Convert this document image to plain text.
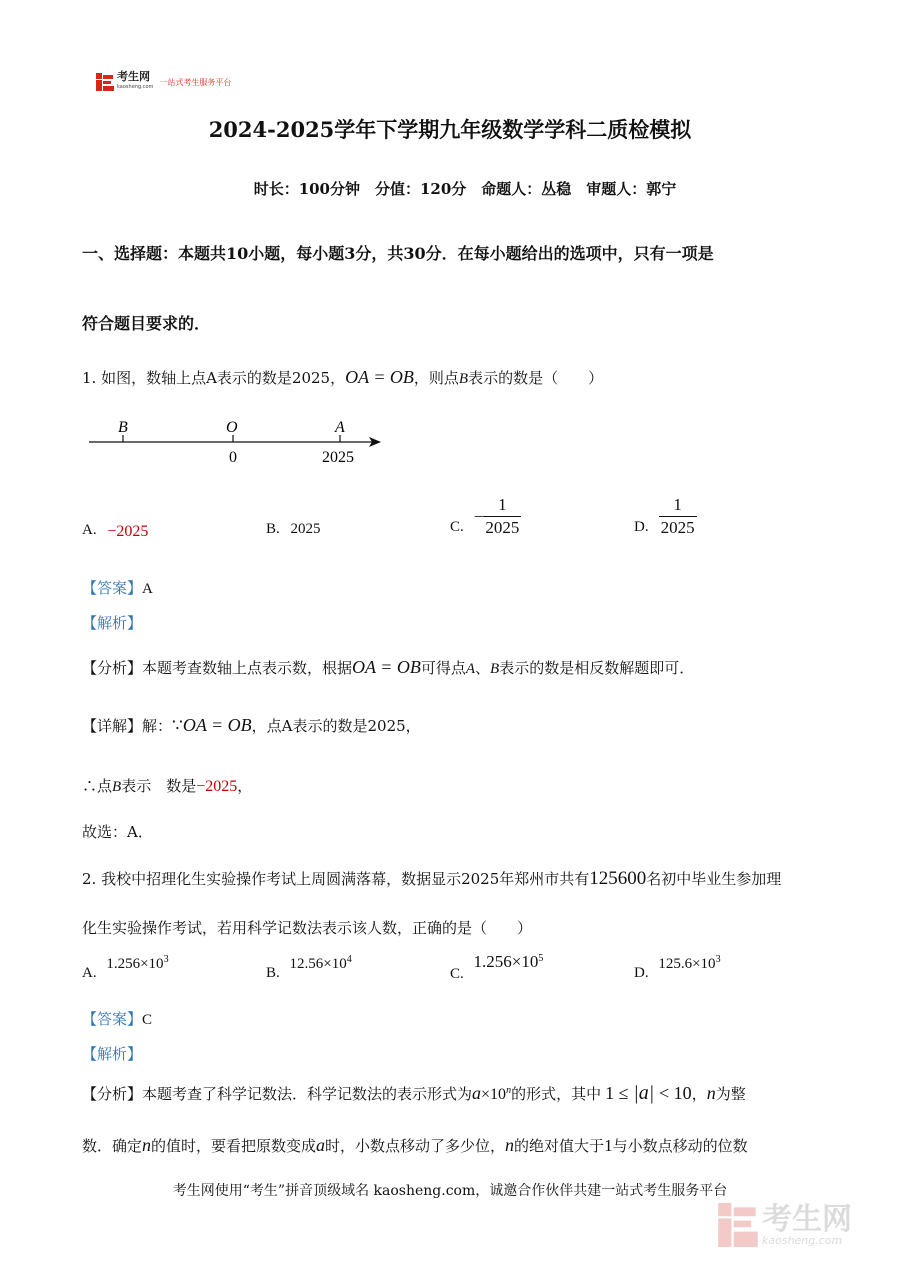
考生网
kaosheng.com
一站式考生服务平台
2024-2025学年下学期九年级数学学科二质检模拟
时长：100分钟　分值：120分　命题人：丛稳　审题人：郭宁
一、选择题：本题共10小题，每小题3分，共30分．在每小题给出的选项中，只有一项是
符合题目要求的．
1. 如图，数轴上点A表示的数是2025，OA = OB，则点B表示的数是（　　）
B	O	A
0	2025
A. −2025	B. 2025	C.
− $\frac{1}{2025}$	D. $\frac{1}{2025}$
【答案】A
【解析】
【分析】本题考查数轴上点表示数，根据OA = OB可得点A、B表示的数是相反数解题即可．
【详解】解：∵OA = OB，点A表示的数是2025，
∴点B表示　数是−2025，
故选：A．
2. 我校中招理化生实验操作考试上周圆满落幕，数据显示2025年郑州市共有125600名初中毕业生参加理
化生实验操作考试，若用科学记数法表示该人数，正确的是（　　）
A. $1.256\times 10^3$
B. $12.56\times 10^4$
C. $1.256\times 10^5$
D. $125.6\times 10^3$
【答案】C
【解析】
【分析】本题考查了科学记数法．科学记数法的表示形式为$a\times 10^n$的形式，其中 1 ≤ |a| < 10，n为整
数．确定n的值时，要看把原数变成a时，小数点移动了多少位，n的绝对值大于1与小数点移动的位数
考生网使用“考生”拼音顶级域名 kaosheng.com，诚邀合作伙伴共建一站式考生服务平台
考生网
kaosheng.com
